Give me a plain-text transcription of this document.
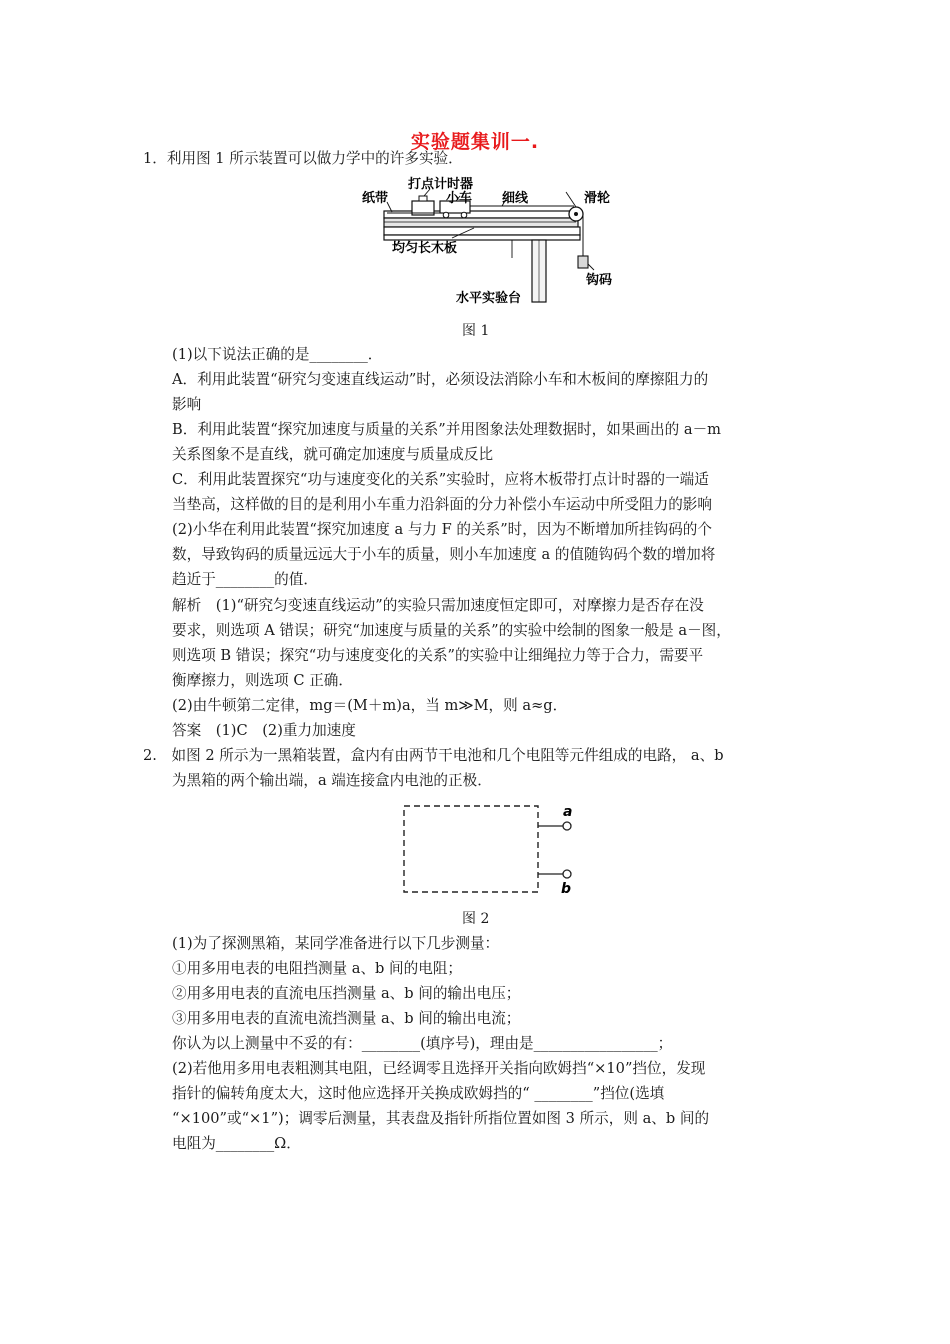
实验题集训一.
1．利用图 1 所示装置可以做力学中的许多实验．
打点计时器
纸带	小车 细线	滑轮
钩码
均匀长木板
水平实验台
图 1
(1)以下说法正确的是________．
A．利用此装置“研究匀变速直线运动”时，必须设法消除小车和木板间的摩擦阻力的
影响
B．利用此装置“探究加速度与质量的关系”并用图象法处理数据时，如果画出的 a－m
关系图象不是直线，就可确定加速度与质量成反比
C．利用此装置探究“功与速度变化的关系”实验时，应将木板带打点计时器的一端适
当垫高，这样做的目的是利用小车重力沿斜面的分力补偿小车运动中所受阻力的影响
(2)小华在利用此装置“探究加速度 a 与力 F 的关系”时，因为不断增加所挂钩码的个
数，导致钩码的质量远远大于小车的质量，则小车加速度 a 的值随钩码个数的增加将
趋近于________的值．
解析　(1)“研究匀变速直线运动”的实验只需加速度恒定即可，对摩擦力是否存在没
要求，则选项 A 错误；研究“加速度与质量的关系”的实验中绘制的图象一般是 a－图，
则选项 B 错误；探究“功与速度变化的关系”的实验中让细绳拉力等于合力，需要平
衡摩擦力，则选项 C 正确．
(2)由牛顿第二定律，mg＝(M＋m)a，当 m≫M，则 a≈g．
答案　(1)C　(2)重力加速度
2.　如图 2 所示为一黑箱装置，盒内有由两节干电池和几个电阻等元件组成的电路， a、b
为黑箱的两个输出端，a 端连接盒内电池的正极．
a
b
图 2
(1)为了探测黑箱，某同学准备进行以下几步测量：
①用多用电表的电阻挡测量 a、b 间的电阻；
②用多用电表的直流电压挡测量 a、b 间的输出电压；
③用多用电表的直流电流挡测量 a、b 间的输出电流；
你认为以上测量中不妥的有：________(填序号)，理由是_________________；
(2)若他用多用电表粗测其电阻，已经调零且选择开关指向欧姆挡“×10”挡位，发现
指针的偏转角度太大，这时他应选择开关换成欧姆挡的“ ________”挡位(选填
“×100”或“×1”)；调零后测量，其表盘及指针所指位置如图 3 所示，则 a、b 间的
电阻为________Ω．
